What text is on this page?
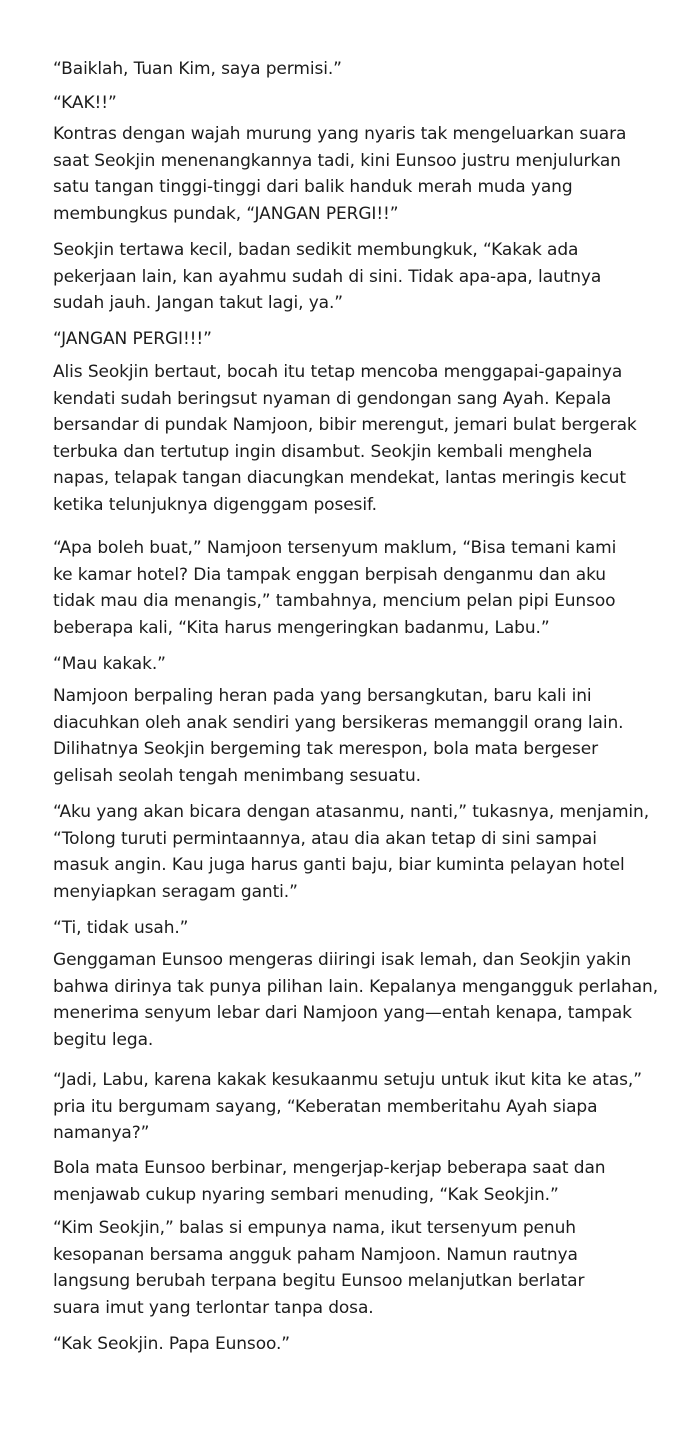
“Baiklah, Tuan Kim, saya permisi.”

“KAK!!”

Kontras dengan wajah murung yang nyaris tak mengeluarkan suara
saat Seokjin menenangkannya tadi, kini Eunsoo justru menjulurkan
satu tangan tinggi-tinggi dari balik handuk merah muda yang
membungkus pundak, “JANGAN PERGI!!”

Seokjin tertawa kecil, badan sedikit membungkuk, “Kakak ada
pekerjaan lain, kan ayahmu sudah di sini. Tidak apa-apa, lautnya
sudah jauh. Jangan takut lagi, ya.”

“JANGAN PERGI!!!”

Alis Seokjin bertaut, bocah itu tetap mencoba menggapai-gapainya
kendati sudah beringsut nyaman di gendongan sang Ayah. Kepala
bersandar di pundak Namjoon, bibir merengut, jemari bulat bergerak
terbuka dan tertutup ingin disambut. Seokjin kembali menghela
napas, telapak tangan diacungkan mendekat, lantas meringis kecut
ketika telunjuknya digenggam posesif.

“Apa boleh buat,” Namjoon tersenyum maklum, “Bisa temani kami
ke kamar hotel? Dia tampak enggan berpisah denganmu dan aku
tidak mau dia menangis,” tambahnya, mencium pelan pipi Eunsoo
beberapa kali, “Kita harus mengeringkan badanmu, Labu.”

“Mau kakak.”

Namjoon berpaling heran pada yang bersangkutan, baru kali ini
diacuhkan oleh anak sendiri yang bersikeras memanggil orang lain.
Dilihatnya Seokjin bergeming tak merespon, bola mata bergeser
gelisah seolah tengah menimbang sesuatu.

“Aku yang akan bicara dengan atasanmu, nanti,” tukasnya, menjamin,
“Tolong turuti permintaannya, atau dia akan tetap di sini sampai
masuk angin. Kau juga harus ganti baju, biar kuminta pelayan hotel
menyiapkan seragam ganti.”

“Ti, tidak usah.”

Genggaman Eunsoo mengeras diiringi isak lemah, dan Seokjin yakin
bahwa dirinya tak punya pilihan lain. Kepalanya mengangguk perlahan,
menerima senyum lebar dari Namjoon yang—entah kenapa, tampak
begitu lega.

“Jadi, Labu, karena kakak kesukaanmu setuju untuk ikut kita ke atas,”
pria itu bergumam sayang, “Keberatan memberitahu Ayah siapa
namanya?”

Bola mata Eunsoo berbinar, mengerjap-kerjap beberapa saat dan
menjawab cukup nyaring sembari menuding, “Kak Seokjin.”

“Kim Seokjin,” balas si empunya nama, ikut tersenyum penuh
kesopanan bersama angguk paham Namjoon. Namun rautnya
langsung berubah terpana begitu Eunsoo melanjutkan berlatar
suara imut yang terlontar tanpa dosa.

“Kak Seokjin. Papa Eunsoo.”
